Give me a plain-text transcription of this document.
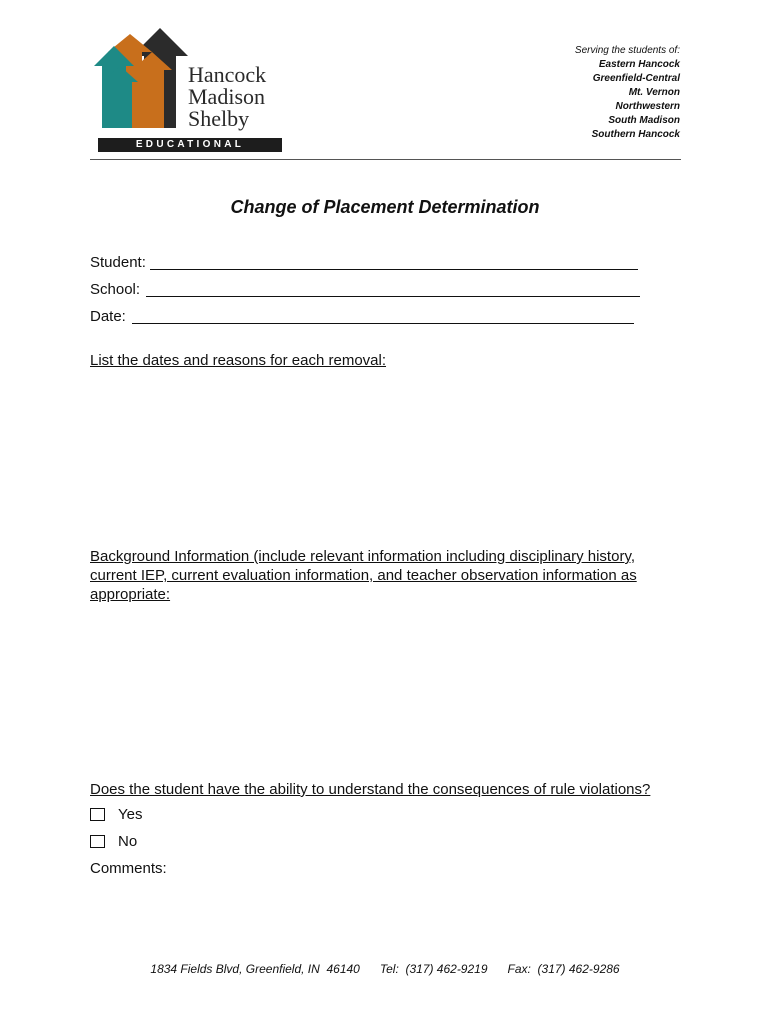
Hancock
Madison
Shelby
EDUCATIONAL SERVICES
Serving the students of:
Eastern Hancock
Greenfield-Central
Mt. Vernon
Northwestern
South Madison
Southern Hancock
Change of Placement Determination
Student:
School:
Date:
List the dates and reasons for each removal:
Background Information (include relevant information including disciplinary history, current IEP, current evaluation information, and teacher observation information as appropriate:
Does the student have the ability to understand the consequences of rule violations?
Yes
No
Comments:
1834 Fields Blvd, Greenfield, IN  46140 Tel:  (317) 462-9219 Fax:  (317) 462-9286
